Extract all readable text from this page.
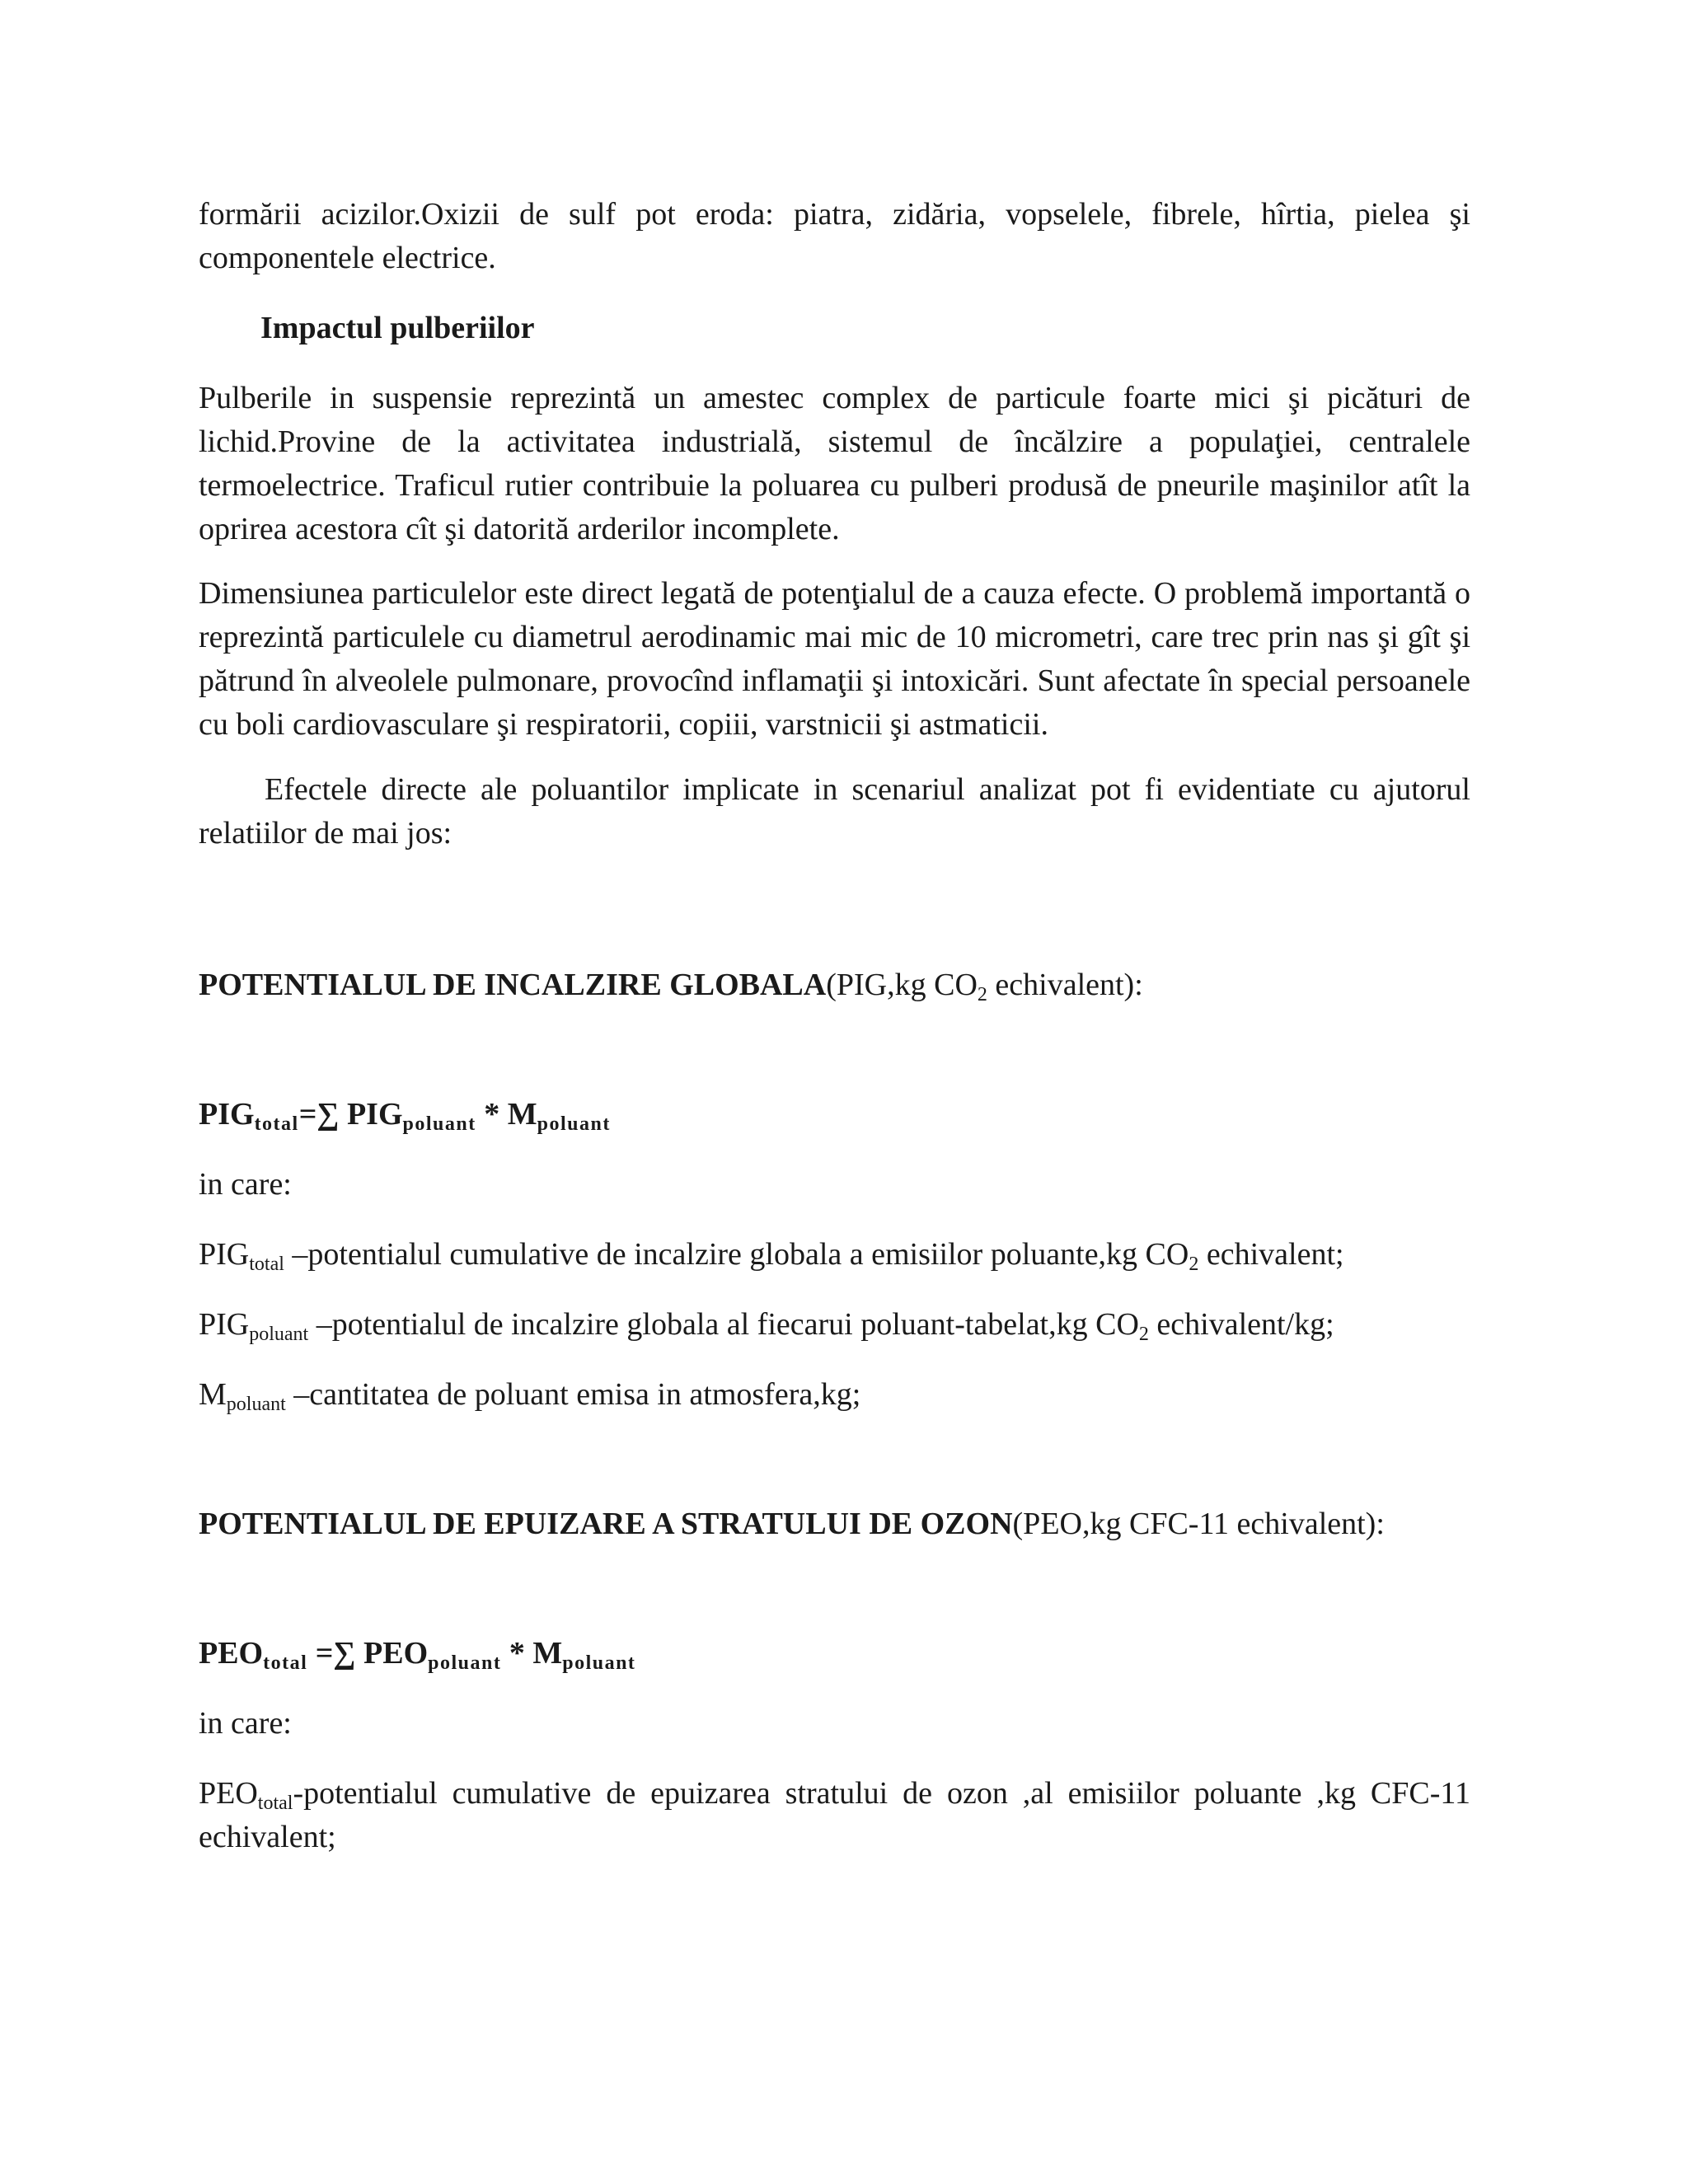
formării acizilor.Oxizii de sulf pot eroda: piatra, zidăria, vopselele, fibrele, hîrtia, pielea şi componentele electrice.

Impactul pulberiilor

Pulberile in suspensie reprezintă un amestec complex de particule foarte mici şi picături de lichid.Provine de la activitatea industrială, sistemul de încălzire a populaţiei, centralele termoelectrice. Traficul rutier contribuie la poluarea cu pulberi produsă de pneurile maşinilor atît la oprirea acestora cît şi datorită arderilor incomplete.

Dimensiunea particulelor este direct legată de potenţialul de a cauza efecte. O problemă importantă o reprezintă particulele cu diametrul aerodinamic mai mic de 10 micrometri, care trec prin nas şi gît şi pătrund în alveolele pulmonare, provocînd inflamaţii şi intoxicări. Sunt afectate în special persoanele cu boli cardiovasculare şi respiratorii, copiii, varstnicii şi astmaticii.

Efectele directe ale poluantilor implicate in scenariul analizat pot fi evidentiate cu ajutorul relatiilor de mai jos:

POTENTIALUL DE INCALZIRE GLOBALA(PIG,kg $CO_2$ echivalent):

$PIG_{total}=\sum$ $PIG_{poluant} * M_{poluant}$

in care:

$PIG_{total}$ –potentialul cumulative de incalzire globala a emisiilor poluante,kg $CO_2$ echivalent;

$PIG_{poluant}$ –potentialul de incalzire globala al fiecarui poluant-tabelat,kg $CO_2$ echivalent/kg;

$M_{poluant}$ –cantitatea de poluant emisa in atmosfera,kg;

POTENTIALUL DE EPUIZARE A STRATULUI DE OZON(PEO,kg CFC-11 echivalent):

$PEO_{total}$ =∑ $PEO_{poluant} * M_{poluant}$

in care:

$PEO_{total}$-potentialul cumulative de epuizarea stratului de ozon ,al emisiilor poluante ,kg CFC-11 echivalent;
